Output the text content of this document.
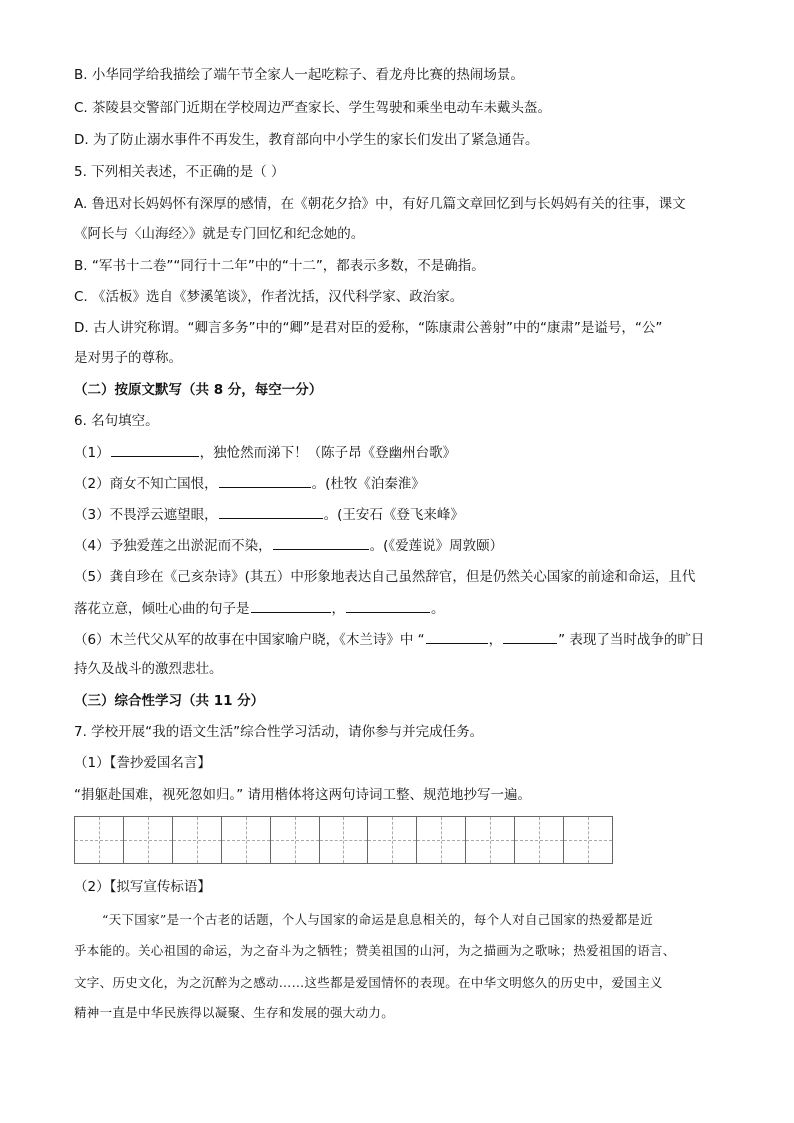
B. 小华同学给我描绘了端午节全家人一起吃粽子、看龙舟比赛的热闹场景。
C. 茶陵县交警部门近期在学校周边严查家长、学生驾驶和乘坐电动车未戴头盔。
D. 为了防止溺水事件不再发生，教育部向中小学生的家长们发出了紧急通告。
5. 下列相关表述，不正确的是（ ）
A. 鲁迅对长妈妈怀有深厚的感情，在《朝花夕拾》中，有好几篇文章回忆到与长妈妈有关的往事，课文
《阿长与〈山海经〉》就是专门回忆和纪念她的。
B. “军书十二卷”“同行十二年”中的“十二”，都表示多数，不是确指。
C. 《活板》选自《梦溪笔谈》，作者沈括，汉代科学家、政治家。
D. 古人讲究称谓。“卿言多务”中的“卿”是君对臣的爱称，“陈康肃公善射”中的“康肃”是谥号，“公”
是对男子的尊称。
（二）按原文默写（共 8 分，每空一分）
6. 名句填空。
（1）	，独怆然而涕下！（陈子昂《登幽州台歌》
（2）商女不知亡国恨，	。(杜牧《泊秦淮》
（3）不畏浮云遮望眼，	。(王安石《登飞来峰》
（4）予独爱莲之出淤泥而不染，	。(《爱莲说》周敦颐）
（5）龚自珍在《己亥杂诗》(其五）中形象地表达自己虽然辞官，但是仍然关心国家的前途和命运，且代
落花立意，倾吐心曲的句子是	，	。
（6）木兰代父从军的故事在中国家喻户晓，《木兰诗》中 “	，	” 表现了当时战争的旷日
持久及战斗的激烈悲壮。
（三）综合性学习（共 11 分）
7. 学校开展“我的语文生活”综合性学习活动，请你参与并完成任务。
（1）【誊抄爱国名言】
“捐躯赴国难，视死忽如归。” 请用楷体将这两句诗词工整、规范地抄写一遍。
（2）【拟写宣传标语】
“天下国家”是一个古老的话题，个人与国家的命运是息息相关的，每个人对自己国家的热爱都是近
乎本能的。关心祖国的命运，为之奋斗为之牺牲；赞美祖国的山河，为之描画为之歌咏；热爱祖国的语言、
文字、历史文化，为之沉醉为之感动……这些都是爱国情怀的表现。在中华文明悠久的历史中，爱国主义
精神一直是中华民族得以凝聚、生存和发展的强大动力。
